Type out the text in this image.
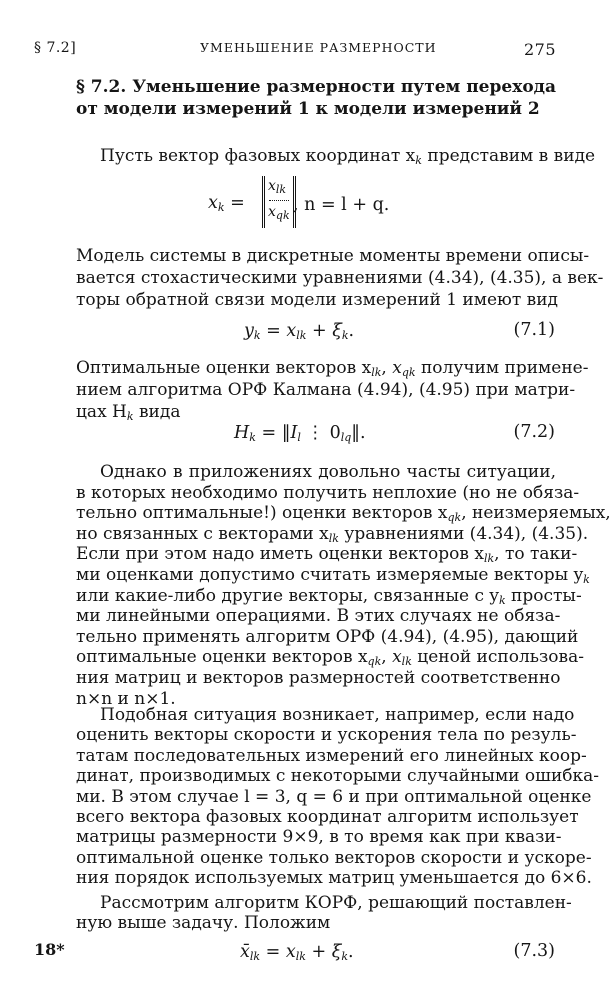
§ 7.2]	УМЕНЬШЕНИЕ РАЗМЕРНОСТИ	275
§ 7.2. Уменьшение размерности путем перехода
от модели измерений 1 к модели измерений 2
Пусть вектор фазовых координат $x_k$ представим в виде
$x_k$ =
$x_{lk}$
$x_{qk}$
, n = l + q.
Модель системы в дискретные моменты времени описы-
вается стохастическими уравнениями (4.34), (4.35), а век-
торы обратной связи модели измерений 1 имеют вид
$y_k = x_{lk} + \xi_k$.	(7.1)
Оптимальные оценки векторов $x_{lk}$, $x_{qk}$ получим примене-
нием алгоритма ОРФ Калмана (4.94), (4.95) при матри-
цах $H_k$ вида
$H_k$ = $‖I_l$ ⋮ $0_{lq}‖$.	(7.2)
Однако в приложениях довольно часты ситуации,
в которых необходимо получить неплохие (но не обяза-
тельно оптимальные!) оценки векторов $x_{qk}$, неизмеряемых,
но связанных с векторами $x_{lk}$ уравнениями (4.34), (4.35).
Если при этом надо иметь оценки векторов $x_{lk}$, то таки-
ми оценками допустимо считать измеряемые векторы $y_k$
или какие-либо другие векторы, связанные с $y_k$ просты-
ми линейными операциями. В этих случаях не обяза-
тельно применять алгоритм ОРФ (4.94), (4.95), дающий
оптимальные оценки векторов $x_{qk}$, $x_{lk}$ ценой использова-
ния матриц и векторов размерностей соответственно
n×n и n×1.
Подобная ситуация возникает, например, если надо
оценить векторы скорости и ускорения тела по резуль-
татам последовательных измерений его линейных коор-
динат, производимых с некоторыми случайными ошибка-
ми. В этом случае l = 3, q = 6 и при оптимальной оценке
всего вектора фазовых координат алгоритм использует
матрицы размерности 9×9, в то время как при квази-
оптимальной оценке только векторов скорости и ускоре-
ния порядок используемых матриц уменьшается до 6×6.
18*
Рассмотрим алгоритм КОРФ, решающий поставлен-
ную выше задачу. Положим
$x̄_{lk} = x_{lk} + \xi_k$.	(7.3)
